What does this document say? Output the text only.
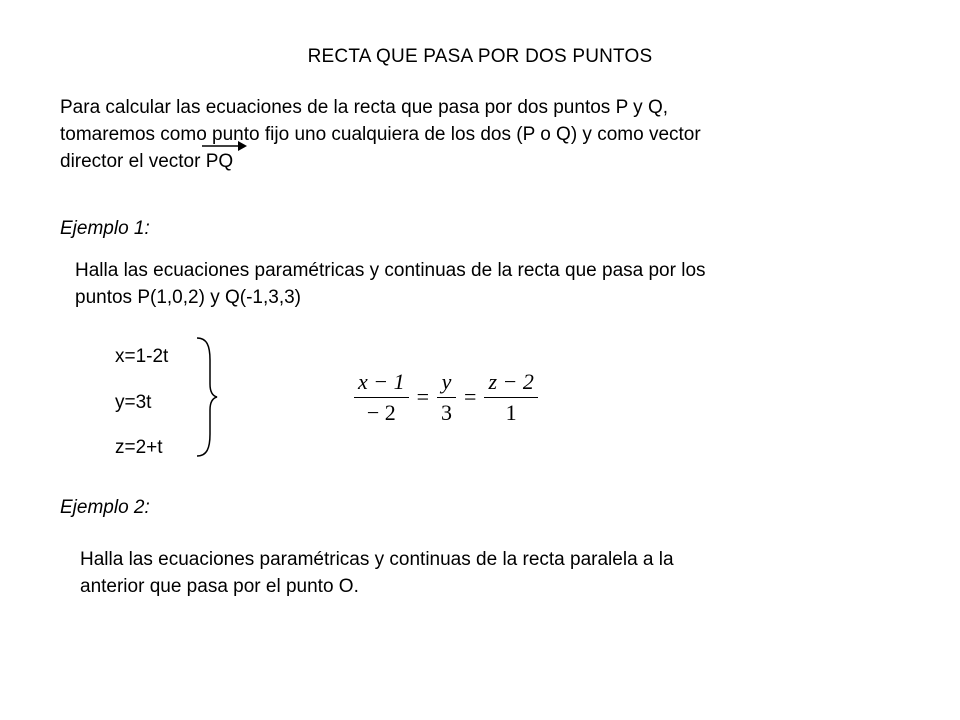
RECTA QUE PASA POR DOS PUNTOS
Para calcular las ecuaciones de la recta que pasa por dos puntos P y Q,
tomaremos como punto fijo uno cualquiera de los dos (P o Q) y como vector
director el vector
PQ
Ejemplo 1:
Halla las ecuaciones paramétricas y continuas de la recta que pasa por los
puntos P(1,0,2) y Q(-1,3,3)
x=1-2t
y=3t
z=2+t
$\frac{x - 1}{- 2} = \frac{y}{3} = \frac{z - 2}{1}$
Ejemplo 2:
Halla las ecuaciones paramétricas y continuas de la recta paralela a la
anterior que pasa por el punto O.
